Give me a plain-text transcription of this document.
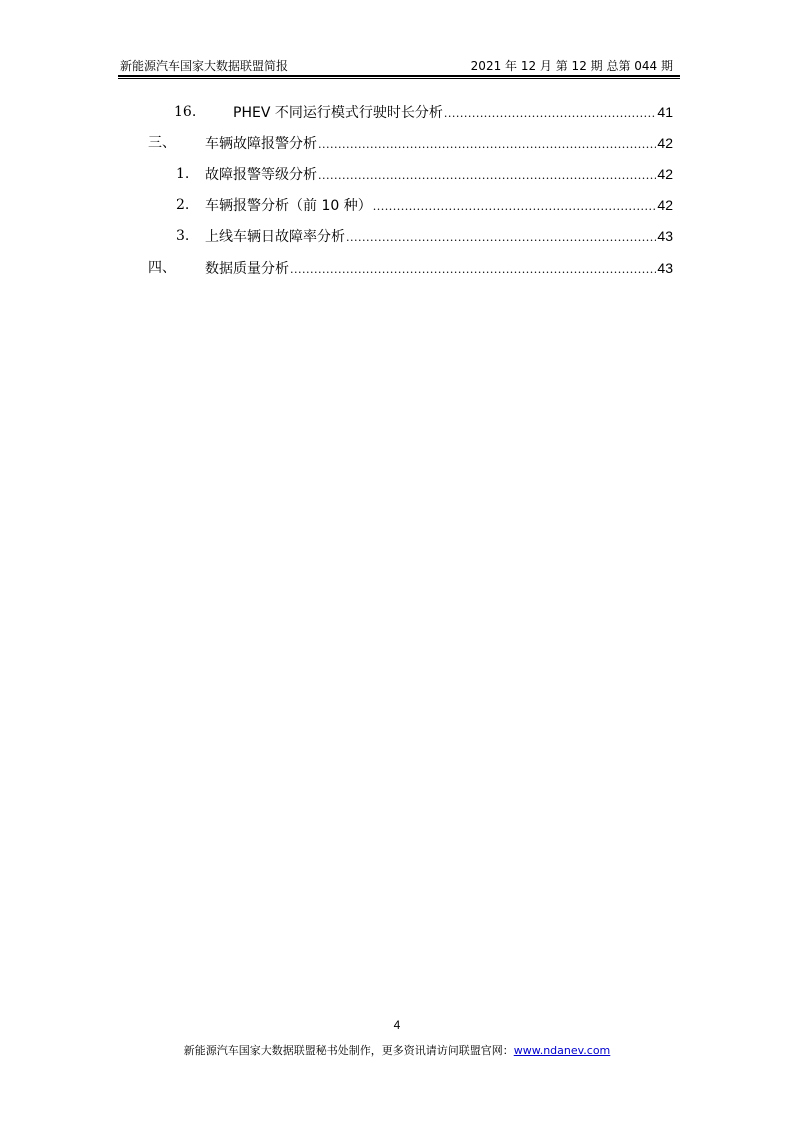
新能源汽车国家大数据联盟简报	2021 年 12 月 第 12 期 总第 044 期
16.	PHEV 不同运行模式行驶时长分析 .....	41
三、 车辆故障报警分析 .....	42
1. 故障报警等级分析 .....	42
2. 车辆报警分析（前 10 种） .....	42
3. 上线车辆日故障率分析 .....	43
四、 数据质量分析 .....	43
4
新能源汽车国家大数据联盟秘书处制作，更多资讯请访问联盟官网：www.ndanev.com
